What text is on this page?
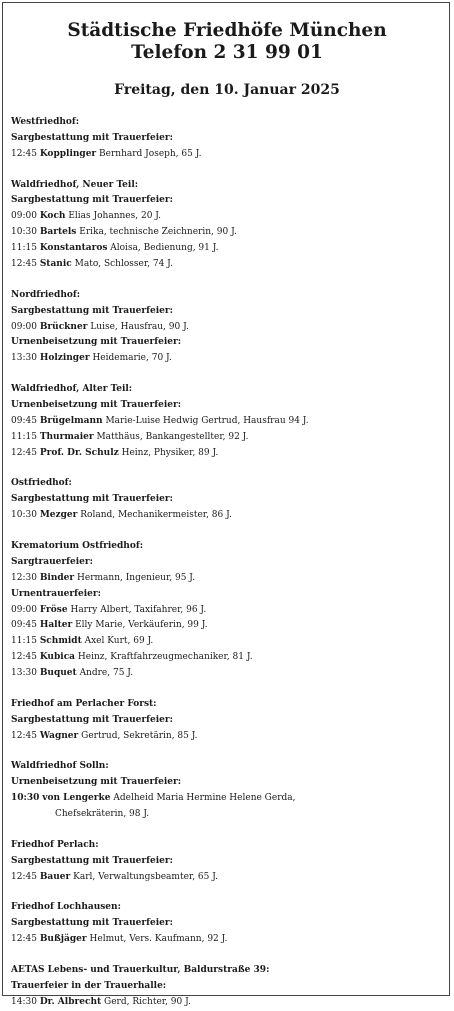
Städtische Friedhöfe München
Telefon 2 31 99 01
Freitag, den 10. Januar 2025
Westfriedhof:
Sargbestattung mit Trauerfeier:
12:45 Kopplinger Bernhard Joseph, 65 J.
Waldfriedhof, Neuer Teil:
Sargbestattung mit Trauerfeier:
09:00 Koch Elias Johannes, 20 J.
10:30 Bartels Erika, technische Zeichnerin, 90 J.
11:15 Konstantaros Aloisa, Bedienung, 91 J.
12:45 Stanic Mato, Schlosser, 74 J.
Nordfriedhof:
Sargbestattung mit Trauerfeier:
09:00 Brückner Luise, Hausfrau, 90 J.
Urnenbeisetzung mit Trauerfeier:
13:30 Holzinger Heidemarie, 70 J.
Waldfriedhof, Alter Teil:
Urnenbeisetzung mit Trauerfeier:
09:45 Brügelmann Marie-Luise Hedwig Gertrud, Hausfrau 94 J.
11:15 Thurmaier Matthäus, Bankangestellter, 92 J.
12:45 Prof. Dr. Schulz Heinz, Physiker, 89 J.
Ostfriedhof:
Sargbestattung mit Trauerfeier:
10:30 Mezger Roland, Mechanikermeister, 86 J.
Krematorium Ostfriedhof:
Sargtrauerfeier:
12:30 Binder Hermann, Ingenieur, 95 J.
Urnentrauerfeier:
09:00 Fröse Harry Albert, Taxifahrer, 96 J.
09:45 Halter Elly Marie, Verkäuferin, 99 J.
11:15 Schmidt Axel Kurt, 69 J.
12:45 Kubica Heinz, Kraftfahrzeugmechaniker, 81 J.
13:30 Buquet Andre, 75 J.
Friedhof am Perlacher Forst:
Sargbestattung mit Trauerfeier:
12:45 Wagner Gertrud, Sekretärin, 85 J.
Waldfriedhof Solln:
Urnenbeisetzung mit Trauerfeier:
10:30 von Lengerke Adelheid Maria Hermine Helene Gerda,
Chefsekräterin, 98 J.
Friedhof Perlach:
Sargbestattung mit Trauerfeier:
12:45 Bauer Karl, Verwaltungsbeamter, 65 J.
Friedhof Lochhausen:
Sargbestattung mit Trauerfeier:
12:45 Bußjäger Helmut, Vers. Kaufmann, 92 J.
AETAS Lebens- und Trauerkultur, Baldurstraße 39:
Trauerfeier in der Trauerhalle:
14:30 Dr. Albrecht Gerd, Richter, 90 J.
